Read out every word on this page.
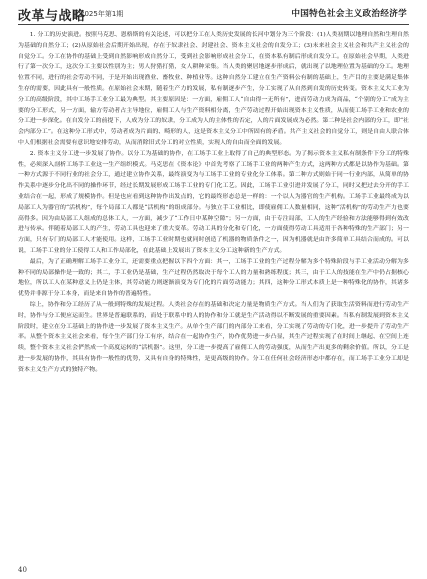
改革与战略
2025年第1期	中国特色社会主义政治经济学

1. 分工的历史演进。按照马克思、恩格斯的有关论述，可以把分工在人类历史发展的长河中划分为三个阶段：(1)人类初期以地理自然和生理自然为基础的自然分工；(2)从原始社会后期开始出现，存在于奴隶社会、封建社会、资本主义社会的自发分工；(3)未来社会主义社会和共产主义社会的自觉分工。分工在协作的基础上受到自然影响形成自然分工，受到社会影响形成社会分工，在资本私有制后形成自发分工。在原始社会早期，人类进行了第一次分工，这次分工主要以性别为主；男人狩猎打猎，女人耕种采集。当人类的聚居地逐步形成后，就出现了以地理位置为基础的分工。地理位置不同，进行的社会劳动不同，于是开始出现渔业、畜牧业、种植业等。这种自然分工建立在生产资料公有制的基础上，生产目的主要是满足集体生存的需要，因此具有一般性质。在原始社会末期，随着生产力的发展，私有制逐步产生，分工实现了从自然到自发的历史转变。资本主义大工业为分工的高级阶段，其中工场手工业分工最为典型。其主要原因是：一方面，雇佣工人“自由得一无所有”，进而劳动力成为商品，“个别的分工”成为主要的分工形式，另一方面，输方劳动者占主导地位，雇佣工人与生产资料相分离，生产劳动过程开始出现资本主义性质，从而使工场手工业和农业的分工进一步深化。在自发分工的前提下，人成为分工的奴隶，分工成为人的主体性的否定，人的片面发展成为必然。第二种是社会内部的分工，即“社会内部分工”。在这种分工形式中，劳动者成为片面的、畸形的人，这是资本主义分工中所固有的矛盾。共产主义社会的自觉分工，则是自由人联合体中人们根据社会需要有意识地安排劳动，从而消除旧式分工的对立性质，实现人的自由而全面的发展。

2. 资本主义分工进一步发展了协作。以分工为基础的协作，在工场手工业上取得了自己的典型形态。为了揭示资本主义私有制条件下分工的特殊性，必须深入剖析工场手工业这一生产组织模式。马克思在《资本论》中首先考察了工场手工业的两种产生方式，这两种方式都是以协作为基础。第一种方式源于不同行业的社会分工，通过建立协作关系，最终演变为与工场手工业的专业化分工体系。第二种方式则始于同一行业内部，从简单的协作关系中逐步分化出不同的操作环节，经过长期发展形成工场手工业的专门化工艺。因此，工场手工业引进并发展了分工，同时又把过去分开的手工业结合在一起，形成了规模协作。但是也应看到这种协作出发点的，它的最终形态总是一样的：一个以人为器官的生产机构。工场手工业最终成为以局部工人为器官的“活机构”，每个局部工人都是“活机构”的组成部分。与独立手工业相比，即使雇佣工人数量相同，这种“活机构”的劳动生产力也要高得多。因为由局部工人组成的总体工人，一方面，减少了“工作日中某种空隙”；另一方面，由于专注局部，工人的生产经验和方法能够得到有效改进与传承。伴随着局部工人的产生，劳动工具也迎来了重大变革。劳动工具的分化和专门化，一方面使得劳动工具适用于各种特殊的生产部门；另一方面，只有专门的局部工人才能使用。这样，工场手工业时期也就同时创造了机器的物质条件之一，因为机器就是由许多简单工具结合而成的。可以说，工场手工业的分工使得工人和工作局部化，在此基础上发展出了资本主义分工这种新的生产方式。

最后，为了正确理解工场手工业分工，还需要重点把握以下四个方面：其一，工场手工业的生产过程分解为多个特殊阶段与手工业活动分解为多种不同的局部操作是一致的；其二，手工业仍是基础，生产过程仍然取决于每个工人的力量和熟练程度；其三，由于工人的技能在生产中仍占据核心地位，所以工人在某种意义上仍是主体，其劳动能力则逐渐演变为专门化的片面劳动能力；其四，这种分工形式本质上是一种特殊化的协作，其诸多优势并非源于分工本身，而是来自协作的普遍特性。

综上，协作和分工经历了从一般到特殊的发展过程。人类社会存在的基础和决定力量是物质生产方式。当人们为了获取生活资料而进行劳动生产时，协作与分工便应运而生。世界是普遍联系的，而处于联系中的人的协作和分工就是生产活动得以不断发展的重要因素。当私有制发展到资本主义阶段时，建立在分工基础上的协作进一步发展了资本主义生产。从单个生产部门的内部分工来看，分工实现了劳动的专门化，进一步提升了劳动生产率。从整个资本主义社会来看，每个生产部门分工有序，结合在一起协作生产，协作优势进一步凸显，其生产过程实现了在时间上继起、在空间上连续，整个资本主义社会俨然成一个高度运转的“活机器”。这里，分工进一步提高了雇佣工人的劳动强度，从而生产出更多的剩余价值。所以，分工是进一步发展的协作，其具有协作一般性的优势，又具有自身的特殊性，是更高级的协作。分工在任何社会经济形态中都存在，而工场手工业分工却是资本主义生产方式的独特产物。

40
